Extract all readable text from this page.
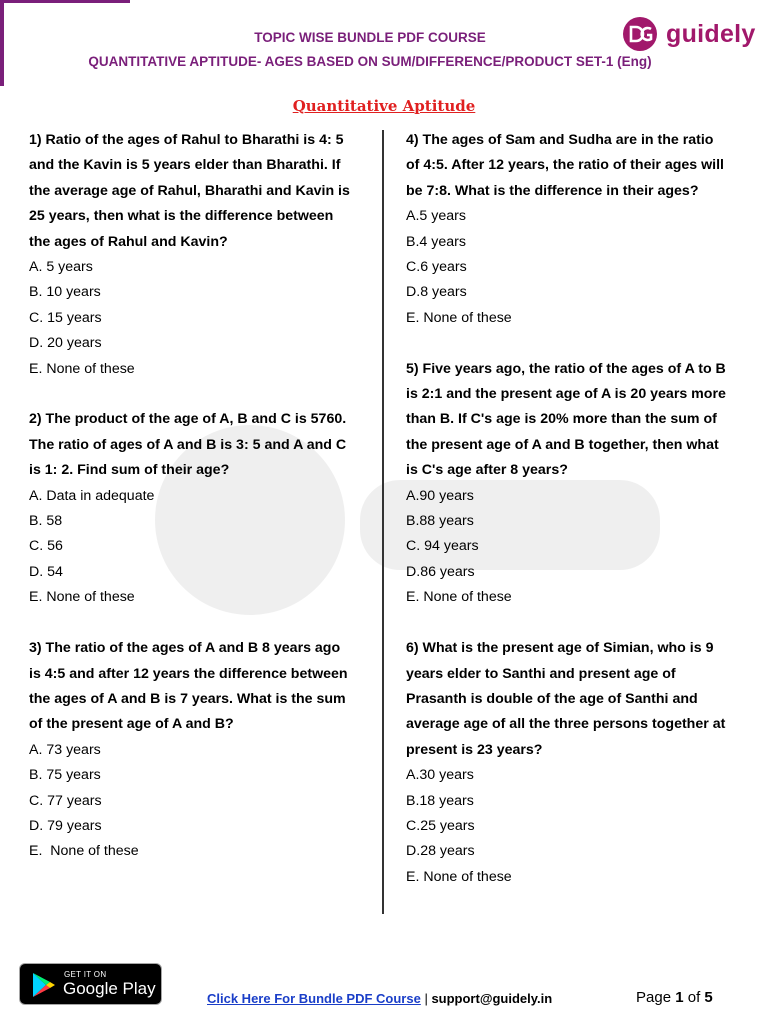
TOPIC WISE BUNDLE PDF COURSE
QUANTITATIVE APTITUDE- AGES BASED ON SUM/DIFFERENCE/PRODUCT SET-1 (Eng)
guidely
Quantitative Aptitude

1) Ratio of the ages of Rahul to Bharathi is 4: 5

and the Kavin is 5 years elder than Bharathi. If

the average age of Rahul, Bharathi and Kavin is

25 years, then what is the difference between

the ages of Rahul and Kavin?

A. 5 years

B. 10 years

C. 15 years

D. 20 years

E. None of these

2) The product of the age of A, B and C is 5760.

The ratio of ages of A and B is 3: 5 and A and C

is 1: 2. Find sum of their age?

A. Data in adequate

B. 58

C. 56

D. 54

E. None of these

3) The ratio of the ages of A and B 8 years ago

is 4:5 and after 12 years the difference between

the ages of A and B is 7 years. What is the sum

of the present age of A and B?

A. 73 years

B. 75 years

C. 77 years

D. 79 years

E.  None of these

4) The ages of Sam and Sudha are in the ratio

of 4:5. After 12 years, the ratio of their ages will

be 7:8. What is the difference in their ages?

A.5 years

B.4 years

C.6 years

D.8 years

E. None of these

5) Five years ago, the ratio of the ages of A to B

is 2:1 and the present age of A is 20 years more

than B. If C's age is 20% more than the sum of

the present age of A and B together, then what

is C's age after 8 years?

A.90 years

B.88 years

C. 94 years

D.86 years

E. None of these

6) What is the present age of Simian, who is 9

years elder to Santhi and present age of

Prasanth is double of the age of Santhi and

average age of all the three persons together at

present is 23 years?

A.30 years

B.18 years

C.25 years

D.28 years

E. None of these

GET IT ON
Google Play
Click Here For Bundle PDF Course | support@guidely.in	Page 1 of 5
